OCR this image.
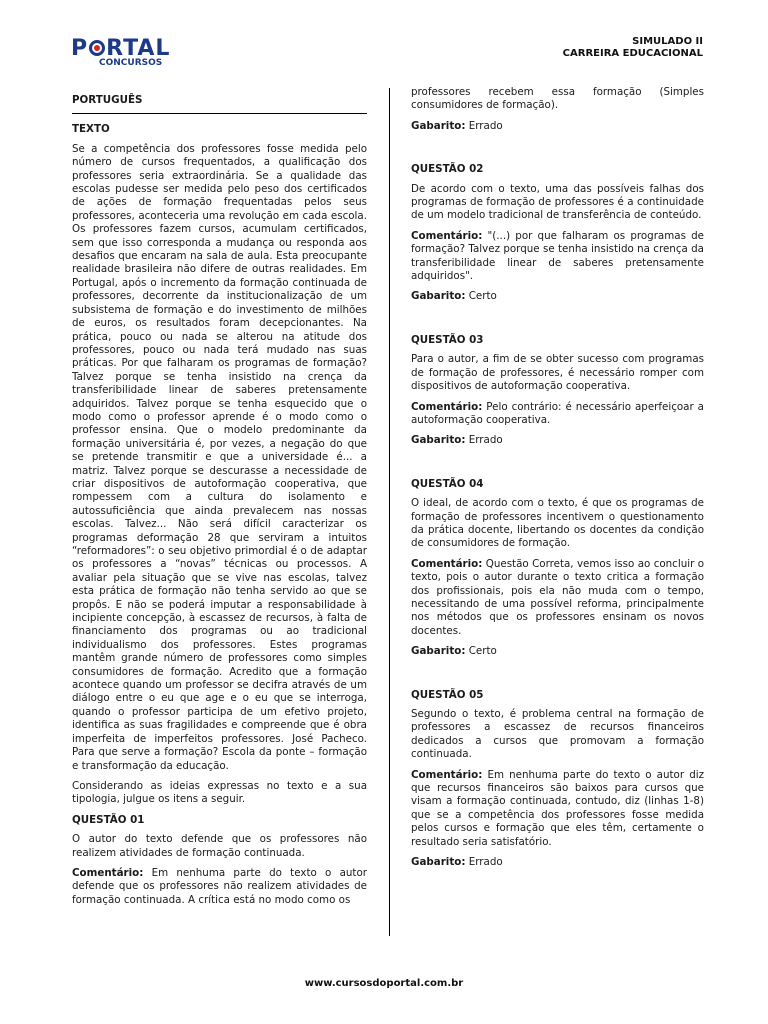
P RTAL
CONCURSOS
SIMULADO II
CARREIRA EDUCACIONAL
PORTUGUÊS
TEXTO

Se a competência dos professores fosse medida pelo número de cursos frequentados, a qualificação dos professores seria extraordinária. Se a qualidade das escolas pudesse ser medida pelo peso dos certificados de ações de formação frequentadas pelos seus professores, aconteceria uma revolução em cada escola. Os professores fazem cursos, acumulam certificados, sem que isso corresponda a mudança ou responda aos desafios que encaram na sala de aula. Esta preocupante realidade brasileira não difere de outras realidades. Em Portugal, após o incremento da formação continuada de professores, decorrente da institucionalização de um subsistema de formação e do investimento de milhões de euros, os resultados foram decepcionantes. Na prática, pouco ou nada se alterou na atitude dos professores, pouco ou nada terá mudado nas suas práticas. Por que falharam os programas de formação? Talvez porque se tenha insistido na crença da transferibilidade linear de saberes pretensamente adquiridos. Talvez porque se tenha esquecido que o modo como o professor aprende é o modo como o professor ensina. Que o modelo predominante da formação universitária é, por vezes, a negação do que se pretende transmitir e que a universidade é... a matriz. Talvez porque se descurasse a necessidade de criar dispositivos de autoformação cooperativa, que rompessem com a cultura do isolamento e autossuficiência que ainda prevalecem nas nossas escolas. Talvez... Não será difícil caracterizar os programas deformação 28 que serviram a intuitos “reformadores”: o seu objetivo primordial é o de adaptar os professores a “novas” técnicas ou processos. A avaliar pela situação que se vive nas escolas, talvez esta prática de formação não tenha servido ao que se propôs. E não se poderá imputar a responsabilidade à incipiente concepção, à escassez de recursos, à falta de financiamento dos programas ou ao tradicional individualismo dos professores. Estes programas mantêm grande número de professores como simples consumidores de formação. Acredito que a formação acontece quando um professor se decifra através de um diálogo entre o eu que age e o eu que se interroga, quando o professor participa de um efetivo projeto, identifica as suas fragilidades e compreende que é obra imperfeita de imperfeitos professores. José Pacheco. Para que serve a formação? Escola da ponte – formação e transformação da educação.

Considerando as ideias expressas no texto e a sua tipologia, julgue os itens a seguir.

QUESTÃO 01

O autor do texto defende que os professores não realizem atividades de formação continuada.

Comentário: Em nenhuma parte do texto o autor defende que os professores não realizem atividades de formação continuada. A crítica está no modo como os

professores recebem essa formação (Simples consumidores de formação).

Gabarito: Errado

QUESTÃO 02

De acordo com o texto, uma das possíveis falhas dos programas de formação de professores é a continuidade de um modelo tradicional de transferência de conteúdo.

Comentário: "(...) por que falharam os programas de formação? Talvez porque se tenha insistido na crença da transferibilidade linear de saberes pretensamente adquiridos".

Gabarito: Certo

QUESTÃO 03

Para o autor, a fim de se obter sucesso com programas de formação de professores, é necessário romper com dispositivos de autoformação cooperativa.

Comentário: Pelo contrário: é necessário aperfeiçoar a autoformação cooperativa.

Gabarito: Errado

QUESTÃO 04

O ideal, de acordo com o texto, é que os programas de formação de professores incentivem o questionamento da prática docente, libertando os docentes da condição de consumidores de formação.

Comentário: Questão Correta, vemos isso ao concluir o texto, pois o autor durante o texto critica a formação dos profissionais, pois ela não muda com o tempo, necessitando de uma possível reforma, principalmente nos métodos que os professores ensinam os novos docentes.

Gabarito: Certo

QUESTÃO 05

Segundo o texto, é problema central na formação de professores a escassez de recursos financeiros dedicados a cursos que promovam a formação continuada.

Comentário: Em nenhuma parte do texto o autor diz que recursos financeiros são baixos para cursos que visam a formação continuada, contudo, diz (linhas 1-8) que se a competência dos professores fosse medida pelos cursos e formação que eles têm, certamente o resultado seria satisfatório.

Gabarito: Errado

www.cursosdoportal.com.br
